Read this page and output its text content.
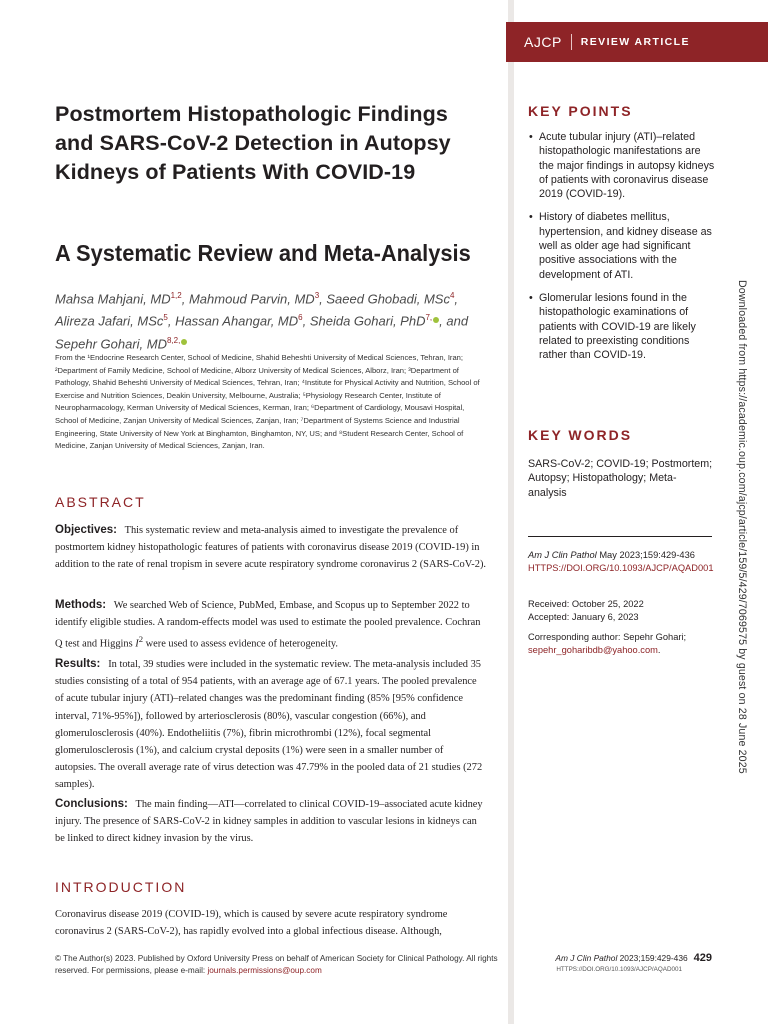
AJCP REVIEW ARTICLE
Postmortem Histopathologic Findings and SARS-CoV-2 Detection in Autopsy Kidneys of Patients With COVID-19
A Systematic Review and Meta-Analysis
Mahsa Mahjani, MD$^{1,2}$, Mahmoud Parvin, $MD^3$, Saeed Ghobadi, MSc$^4$, Alireza Jafari, MSc$^5$, Hassan Ahangar, $MD^6$, Sheida Gohari, PhD$^{7,}$ , and Sepehr Gohari, $MD^{8,2,}$

From the ¹Endocrine Research Center, School of Medicine, Shahid Beheshti University of Medical Sciences, Tehran, Iran; ²Department of Family Medicine, School of Medicine, Alborz University of Medical Sciences, Alborz, Iran; ³Department of Pathology, Shahid Beheshti University of Medical Sciences, Tehran, Iran; ⁴Institute for Physical Activity and Nutrition, School of Exercise and Nutrition Sciences, Deakin University, Melbourne, Australia; ⁵Physiology Research Center, Institute of Neuropharmacology, Kerman University of Medical Sciences, Kerman, Iran; ⁶Department of Cardiology, Mousavi Hospital, School of Medicine, Zanjan University of Medical Sciences, Zanjan, Iran; ⁷Department of Systems Science and Industrial Engineering, State University of New York at Binghamton, Binghamton, NY, US; and ⁸Student Research Center, School of Medicine, Zanjan University of Medical Sciences, Zanjan, Iran.

ABSTRACT

Objectives: This systematic review and meta-analysis aimed to investigate the prevalence of postmortem kidney histopathologic features of patients with coronavirus disease 2019 (COVID-19) in addition to the rate of renal tropism in severe acute respiratory syndrome coronavirus 2 (SARS-CoV-2).

Methods: We searched Web of Science, PubMed, Embase, and Scopus up to September 2022 to identify eligible studies. A random-effects model was used to estimate the pooled prevalence. Cochran Q test and Higgins $I^2$ were used to assess evidence of heterogeneity.

Results: In total, 39 studies were included in the systematic review. The meta-analysis included 35 studies consisting of a total of 954 patients, with an average age of 67.1 years. The pooled prevalence of acute tubular injury (ATI)–related changes was the predominant finding (85% [95% confidence interval, 71%-95%]), followed by arteriosclerosis (80%), vascular congestion (66%), and glomerulosclerosis (40%). Endotheliitis (7%), fibrin microthrombi (12%), focal segmental glomerulosclerosis (1%), and calcium crystal deposits (1%) were seen in a smaller number of autopsies. The overall average rate of virus detection was 47.79% in the pooled data of 21 studies (272 samples).

Conclusions: The main finding—ATI—correlated to clinical COVID-19–associated acute kidney injury. The presence of SARS-CoV-2 in kidney samples in addition to vascular lesions in kidneys can be linked to direct kidney invasion by the virus.

INTRODUCTION

Coronavirus disease 2019 (COVID-19), which is caused by severe acute respiratory syndrome coronavirus 2 (SARS-CoV-2), has rapidly evolved into a global infectious disease. Although,

© The Author(s) 2023. Published by Oxford University Press on behalf of American Society for Clinical Pathology. All rights reserved. For permissions, please e-mail: journals.permissions@oup.com
Am J Clin Pathol 2023;159:429-436 429
HTTPS://DOI.ORG/10.1093/AJCP/AQAD001
KEY POINTS
• Acute tubular injury (ATI)–related histopathologic manifestations are the major findings in autopsy kidneys of patients with coronavirus disease 2019 (COVID-19).
• History of diabetes mellitus, hypertension, and kidney disease as well as older age had significant positive associations with the development of ATI.
• Glomerular lesions found in the histopathologic examinations of patients with COVID-19 are likely related to preexisting conditions rather than COVID-19.
KEY WORDS

SARS-CoV-2; COVID-19; Postmortem; Autopsy; Histopathology; Meta-analysis

Am J Clin Pathol May 2023;159:429-436
HTTPS://DOI.ORG/10.1093/AJCP/AQAD001
Received: October 25, 2022
Accepted: January 6, 2023
Corresponding author: Sepehr Gohari;
sepehr_goharibdb@yahoo.com.	Downloaded from https://academic.oup.com/ajcp/article/159/5/429/7069575 by guest on 28 June 2025
